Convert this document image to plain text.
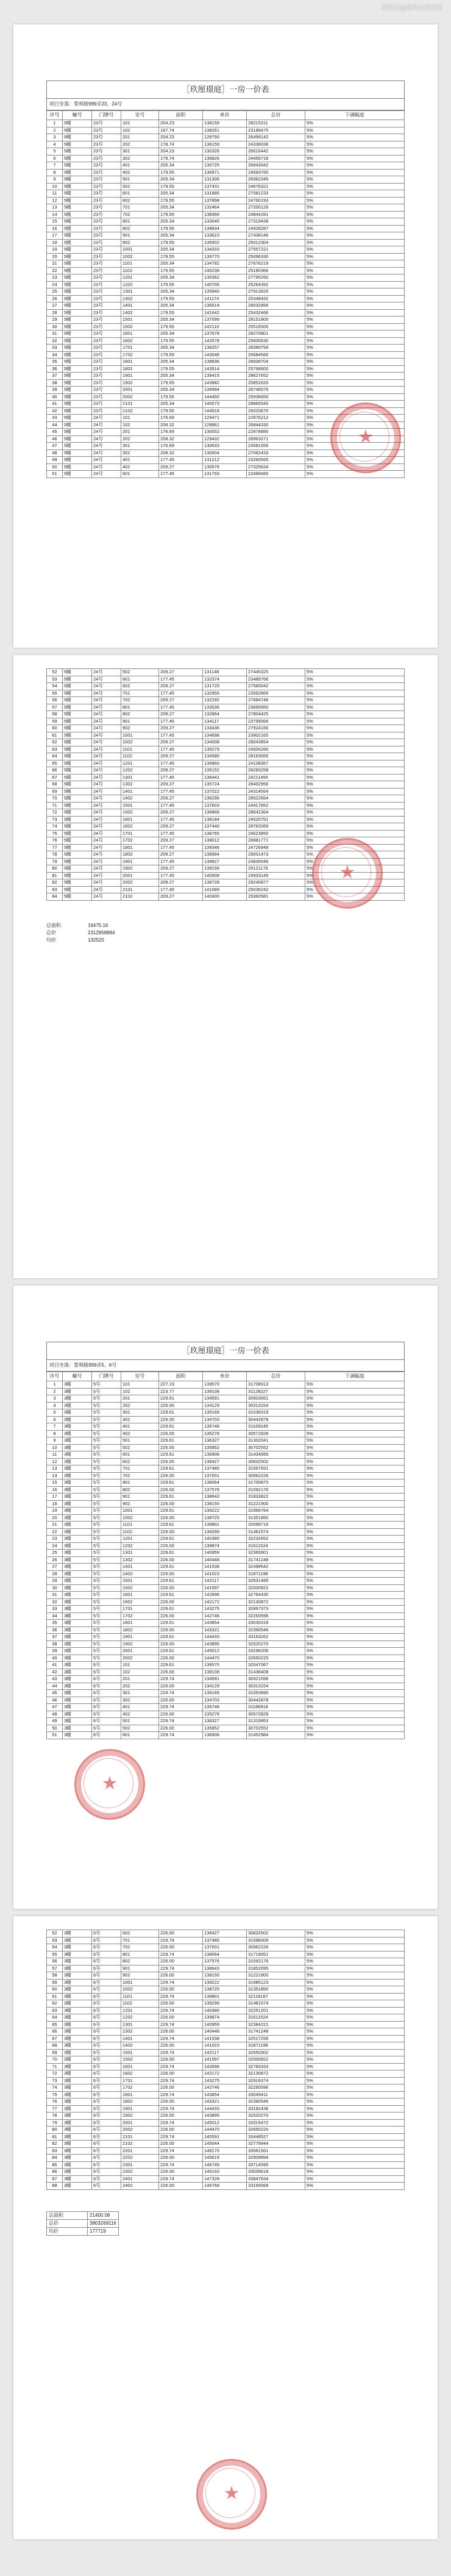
搜狐号@建筑桌读者说
［玖厘璟庭］一房一价表
项目坐落：誓师路999弄23、24号
序号	幢号	门牌号	室号	面积	单价	总价	下调幅度
1	5幢	23号	101	204.23	138159	28215311	5%
2	5幢	23号	102	167.74	138261	23189475	5%
3	5幢	23号	201	204.23	129750	26499142	5%
4	5幢	23号	202	178.74	136159	24336036	5%
5	5幢	23号	301	204.23	130326	26616442	5%
6	5幢	23号	302	178.74	136826	24456716	5%
7	5幢	23号	401	205.34	130725	26843042	5%
8	5幢	23号	402	179.55	136971	24593760	5%
9	5幢	23号	501	205.34	131306	26962345	5%
10	5幢	23号	502	179.55	137431	24676321	5%
11	5幢	23号	601	205.34	131885	27081233	5%
12	5幢	23号	602	179.55	137898	24760193	5%
13	5幢	23号	701	205.34	132464	27200126	5%
14	5幢	23号	702	179.55	138366	24844281	5%
15	5幢	23号	801	205.34	133045	27319438	5%
16	5幢	23号	802	179.55	138834	24928287	5%
17	5幢	23号	901	205.34	133623	27438146	5%
18	5幢	23号	902	179.55	139302	25012304	5%
19	5幢	23号	1001	205.34	134203	27557221	5%
20	5幢	23号	1002	179.55	139770	25096330	5%
21	5幢	23号	1101	205.34	134782	27676219	5%
22	5幢	23号	1102	179.55	140238	25180366	5%
23	5幢	23号	1201	205.34	135362	27795260	5%
24	5幢	23号	1202	179.55	140706	25264392	5%
25	5幢	23号	1301	205.34	135940	27913920	5%
26	5幢	23号	1302	179.55	141174	25348432	5%
27	5幢	23号	1401	205.34	136519	28032856	5%
28	5幢	23号	1402	179.55	141642	25432466	5%
29	5幢	23号	1501	205.34	137099	28151800	5%
30	5幢	23号	1502	179.55	142110	25516500	5%
31	5幢	23号	1601	205.34	137678	28270801	5%
32	5幢	23号	1602	179.55	142578	25600530	5%
33	5幢	23号	1701	205.34	138257	28389754	5%
34	5幢	23号	1702	179.55	143046	25684560	5%
35	5幢	23号	1801	205.34	138836	28508704	5%
36	5幢	23号	1802	179.55	143514	25768600	5%
37	5幢	23号	1901	205.34	139415	28627652	5%
38	5幢	23号	1902	179.55	143982	25852620	5%
39	5幢	23号	2001	205.34	139994	28746576	5%
40	5幢	23号	2002	179.55	144450	25936650	5%
41	5幢	23号	2101	205.34	140573	28865540	5%
42	5幢	23号	2102	179.55	144918	26020670	5%
43	5幢	24号	101	176.69	129471	22876212	5%
44	5幢	24号	102	208.32	128861	26844330	5%
45	5幢	24号	201	176.69	130052	22978885	5%
46	5幢	24号	202	208.32	129432	26963271	5%
47	5幢	24号	301	176.69	130633	23081556	5%
48	5幢	24号	302	208.32	130004	27082433	5%
49	5幢	24号	401	177.45	131212	23283565	5%
50	5幢	24号	402	209.27	130576	27325634	5%
51	5幢	24号	501	177.45	131793	23386666	5%
★
52	5幢	24号	502	209.27	131148	27445325	5%
53	5幢	24号	601	177.45	132374	23489766	5%
54	5幢	24号	602	209.27	131720	27565042	5%
55	5幢	24号	701	177.45	132955	23592865	5%
56	5幢	24号	702	209.27	132292	27684746	5%
57	5幢	24号	801	177.45	133536	23695950	5%
58	5幢	24号	802	209.27	132864	27804425	5%
59	5幢	24号	901	177.45	134117	23799066	5%
60	5幢	24号	902	209.27	133436	27924166	5%
61	5幢	24号	1001	177.45	134698	23902165	5%
62	5幢	24号	1002	209.27	134008	28043854	5%
63	5幢	24号	1101	177.45	135279	24005260	5%
64	5幢	24号	1102	209.27	134580	28163556	5%
65	5幢	24号	1201	177.45	135860	24108357	5%
66	5幢	24号	1202	209.27	135152	28283258	5%
67	5幢	24号	1301	177.45	136441	24211455	5%
68	5幢	24号	1302	209.27	135724	28402956	5%
69	5幢	24号	1401	177.45	137022	24314554	5%
70	5幢	24号	1402	209.27	136296	28522664	5%
71	5幢	24号	1501	177.45	137603	24417652	5%
72	5幢	24号	1502	209.27	136868	28642364	5%
73	5幢	24号	1601	177.45	138184	24520751	5%
74	5幢	24号	1602	209.27	137440	28762069	5%
75	5幢	24号	1701	177.45	138765	24623850	5%
76	5幢	24号	1702	209.27	138012	28881771	5%
77	5幢	24号	1801	177.45	139346	24726948	5%
78	5幢	24号	1802	209.27	138584	29001473	5%
79	5幢	24号	1901	177.45	139927	24830046	5%
80	5幢	24号	1902	209.27	139156	29121176	5%
81	5幢	24号	2001	177.45	140508	24933145	5%
82	5幢	24号	2002	209.27	139728	29240877	5%
83	5幢	24号	2101	177.45	141089	25036242	5%
84	5幢	24号	2102	209.27	140300	29360581	5%
总面积	16475.16
总价	2312958884
均价	132520
★
［玖厘璟庭］一房一价表
项目坐落：誓师路999弄5、6号
序号	幢号	门牌号	室号	面积	单价	总价	下调幅度
1	3幢	5号	101	227.19	139570	31708913	5%
2	3幢	5号	102	223.77	139108	31128227	5%
3	3幢	5号	201	229.61	134591	30903651	5%
4	3幢	5号	202	226.00	134129	30313154	5%
5	3幢	5号	301	229.61	135169	31036319	5%
6	3幢	5号	302	226.00	134703	30442878	5%
7	3幢	5号	401	229.61	135748	31169249	5%
8	3幢	5号	402	226.00	135278	30572828	5%
9	3幢	5号	501	229.61	136327	31302041	5%
10	3幢	5号	502	226.00	135852	30702552	5%
11	3幢	5号	601	229.61	136906	31434995	5%
12	3幢	5号	602	226.00	136427	30832502	5%
13	3幢	5号	701	229.61	137485	31567931	5%
14	3幢	5号	702	226.00	137001	30962226	5%
15	3幢	5号	801	229.61	138064	31700875	5%
16	3幢	5号	802	226.00	137576	31092176	5%
17	3幢	5号	901	229.61	138643	31833822	5%
18	3幢	5号	902	226.00	138150	31221900	5%
19	3幢	5号	1001	229.61	139222	31966764	5%
20	3幢	5号	1002	226.00	138725	31351850	5%
21	3幢	5号	1101	229.61	139801	32099716	5%
22	3幢	5号	1102	226.00	139299	31481574	5%
23	3幢	5号	1201	229.61	140380	32232652	5%
24	3幢	5号	1202	226.00	139874	31611524	5%
25	3幢	5号	1301	229.61	140959	32365601	5%
26	3幢	5号	1302	226.00	140448	31741248	5%
27	3幢	5号	1401	229.61	141538	32498542	5%
28	3幢	5号	1402	226.00	141023	31871198	5%
29	3幢	5号	1501	229.61	142117	32631485	5%
30	3幢	5号	1502	226.00	141597	32000922	5%
31	3幢	5号	1601	229.61	142696	32764430	5%
32	3幢	5号	1602	226.00	142172	32130872	5%
33	3幢	5号	1701	229.61	143275	32897373	5%
34	3幢	5号	1702	226.00	142746	32260596	5%
35	3幢	5号	1801	229.61	143854	33030318	5%
36	3幢	5号	1802	226.00	143321	32390546	5%
37	3幢	5号	1901	229.61	144433	33163262	5%
38	3幢	5号	1902	226.00	143895	32520270	5%
39	3幢	5号	2001	229.61	145012	33296206	5%
40	3幢	5号	2002	226.00	144470	32650220	5%
41	3幢	6号	101	229.61	139570	32047067	5%
42	3幢	6号	102	226.00	139108	31438408	5%
43	3幢	6号	201	229.74	134591	30921096	5%
44	3幢	6号	202	226.00	134129	30313154	5%
45	3幢	6号	301	229.74	135169	31053890	5%
46	3幢	6号	302	226.00	134703	30442878	5%
47	3幢	6号	401	229.74	135748	31186918	5%
48	3幢	6号	402	226.00	135278	30572828	5%
49	3幢	6号	501	229.74	136327	31319953	5%
50	3幢	6号	502	226.00	135852	30702552	5%
51	3幢	6号	601	229.74	136906	31452984	5%
★
52	3幢	6号	602	226.00	136427	30832502	5%
53	3幢	6号	701	229.74	137485	31586009	5%
54	3幢	6号	702	226.00	137001	30962226	5%
55	3幢	6号	801	229.74	138064	31719051	5%
56	3幢	6号	802	226.00	137576	31092176	5%
57	3幢	6号	901	229.74	138643	31852095	5%
58	3幢	6号	902	226.00	138150	31221900	5%
59	3幢	6号	1001	229.74	139222	31985123	5%
60	3幢	6号	1002	226.00	138725	31351850	5%
61	3幢	6号	1101	229.74	139801	32118167	5%
62	3幢	6号	1102	226.00	139299	31481574	5%
63	3幢	6号	1201	229.74	140380	32251201	5%
64	3幢	6号	1202	226.00	139874	31611524	5%
65	3幢	6号	1301	229.74	140959	32384221	5%
66	3幢	6号	1302	226.00	140448	31741248	5%
67	3幢	6号	1401	229.74	141538	32517256	5%
68	3幢	6号	1402	226.00	141023	31871198	5%
69	3幢	6号	1501	229.74	142117	32650302	5%
70	3幢	6号	1502	226.00	141597	32000922	5%
71	3幢	6号	1601	229.74	142696	32783333	5%
72	3幢	6号	1602	226.00	142172	32130872	5%
73	3幢	6号	1701	229.74	143275	32916374	5%
74	3幢	6号	1702	226.00	142746	32260596	5%
75	3幢	6号	1801	229.74	143854	33049411	5%
76	3幢	6号	1802	226.00	143321	32390546	5%
77	3幢	6号	1901	229.74	144433	33182436	5%
78	3幢	6号	1902	226.00	143895	32520270	5%
79	3幢	6号	2001	229.74	145012	33315472	5%
80	3幢	6号	2002	226.00	144470	32650220	5%
81	3幢	6号	2101	229.74	145591	33448527	5%
82	3幢	6号	2102	226.00	145044	32779944	5%
83	3幢	6号	2201	229.74	146170	33581561	5%
84	3幢	6号	2202	226.00	145619	32909894	5%
85	3幢	6号	2301	229.74	146749	33714595	5%
86	3幢	6号	2302	226.00	146193	33039618	5%
87	3幢	6号	2401	229.74	147328	33847634	5%
88	3幢	6号	2402	226.00	146768	33169568	5%
总面积	21400.08
总价	3803269116
均价	177719
★
